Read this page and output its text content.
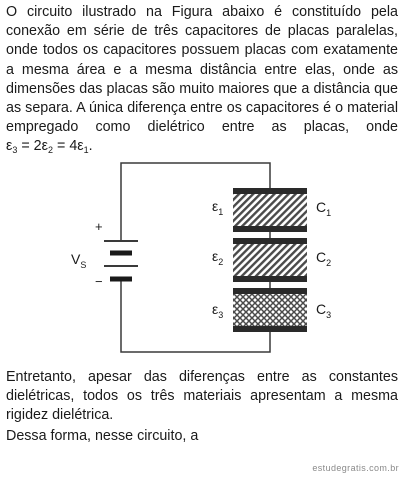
O circuito ilustrado na Figura abaixo é constituído pela conexão em série de três capacitores de placas paralelas, onde todos os capacitores possuem placas com exatamente a mesma área e a mesma distância entre elas, onde as dimensões das placas são muito maiores que a distância que as separa. A única diferença entre os capacitores é o material empregado como dielétrico entre as placas, onde $\varepsilon_3 = 2\varepsilon_2 = 4\varepsilon_1$.

+
−
$V_S$
$\varepsilon_1$	$C_1$
$\varepsilon_2$	$C_2$
$\varepsilon_3$	$C_3$

Entretanto, apesar das diferenças entre as constantes dielétricas, todos os três materiais apresentam a mesma rigidez dielétrica.

Dessa forma, nesse circuito, a

estudegratis.com.br
